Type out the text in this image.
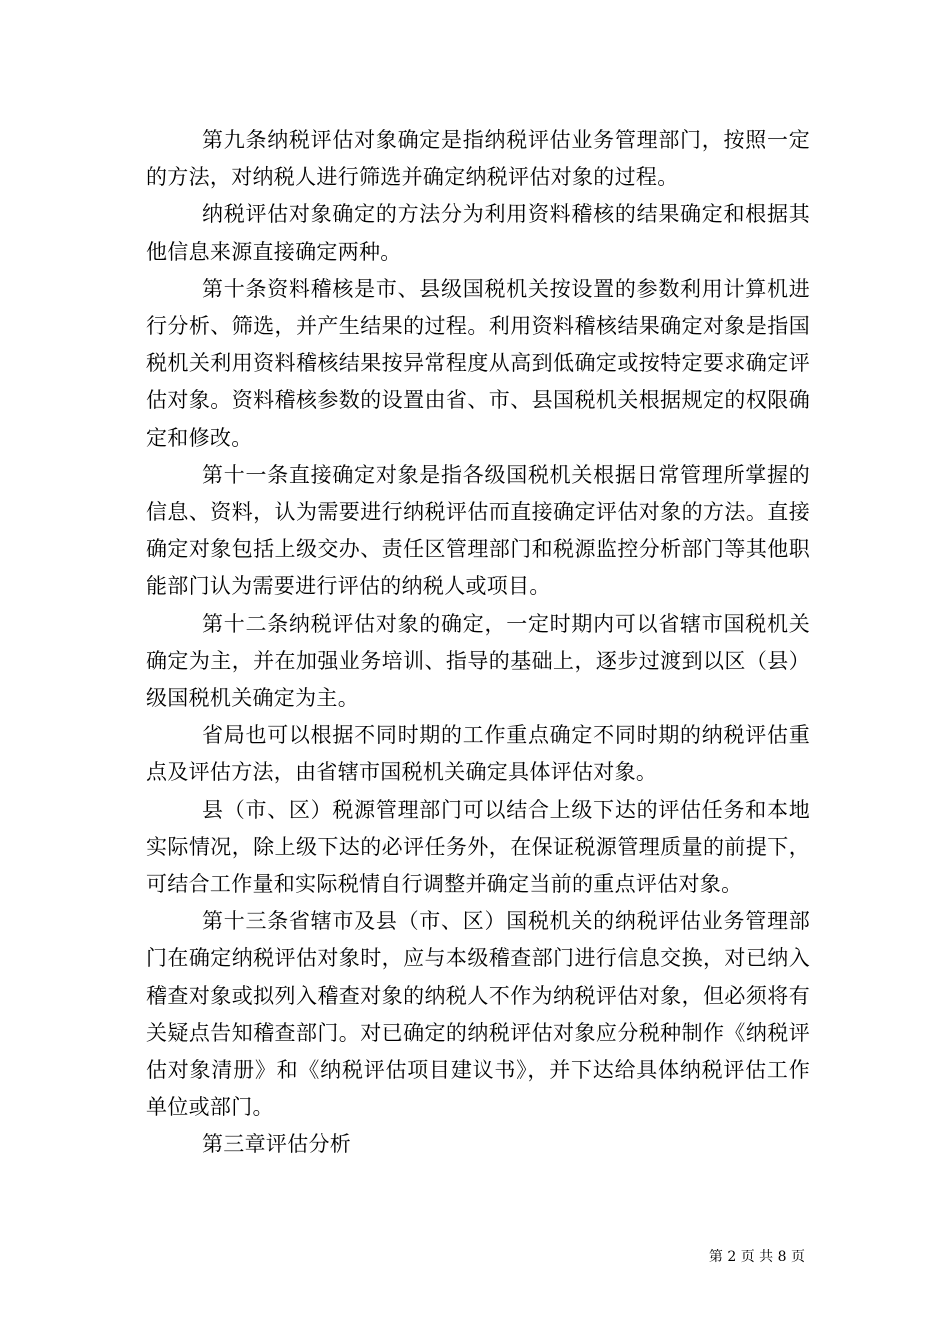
第九条纳税评估对象确定是指纳税评估业务管理部门，按照一定的方法，对纳税人进行筛选并确定纳税评估对象的过程。

纳税评估对象确定的方法分为利用资料稽核的结果确定和根据其他信息来源直接确定两种。

第十条资料稽核是市、县级国税机关按设置的参数利用计算机进行分析、筛选，并产生结果的过程。利用资料稽核结果确定对象是指国税机关利用资料稽核结果按异常程度从高到低确定或按特定要求确定评估对象。资料稽核参数的设置由省、市、县国税机关根据规定的权限确定和修改。

第十一条直接确定对象是指各级国税机关根据日常管理所掌握的信息、资料，认为需要进行纳税评估而直接确定评估对象的方法。直接确定对象包括上级交办、责任区管理部门和税源监控分析部门等其他职能部门认为需要进行评估的纳税人或项目。

第十二条纳税评估对象的确定，一定时期内可以省辖市国税机关确定为主，并在加强业务培训、指导的基础上，逐步过渡到以区（县）级国税机关确定为主。

省局也可以根据不同时期的工作重点确定不同时期的纳税评估重点及评估方法，由省辖市国税机关确定具体评估对象。

县（市、区）税源管理部门可以结合上级下达的评估任务和本地实际情况，除上级下达的必评任务外，在保证税源管理质量的前提下，可结合工作量和实际税情自行调整并确定当前的重点评估对象。

第十三条省辖市及县（市、区）国税机关的纳税评估业务管理部门在确定纳税评估对象时，应与本级稽查部门进行信息交换，对已纳入稽查对象或拟列入稽查对象的纳税人不作为纳税评估对象，但必须将有关疑点告知稽查部门。对已确定的纳税评估对象应分税种制作《纳税评估对象清册》和《纳税评估项目建议书》，并下达给具体纳税评估工作单位或部门。

第三章评估分析

第 2 页 共 8 页
